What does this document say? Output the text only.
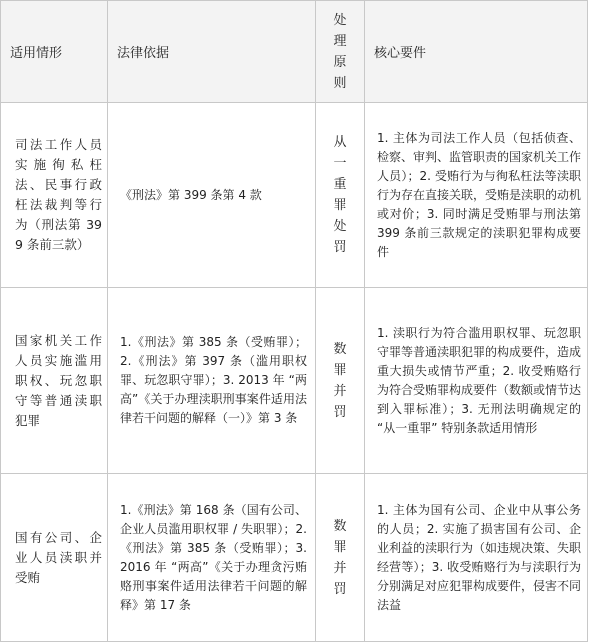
适用情形	法律依据	处理原则	核心要件
司法工作人员实施徇私枉法、民事行政枉法裁判等行为（刑法第 399 条前三款）	《刑法》第 399 条第 4 款	从一重罪处罚	1. 主体为司法工作人员（包括侦查、检察、审判、监管职责的国家机关工作人员）；2. 受贿行为与徇私枉法等渎职行为存在直接关联，受贿是渎职的动机或对价；3. 同时满足受贿罪与刑法第 399 条前三款规定的渎职犯罪构成要件
国家机关工作人员实施滥用职权、玩忽职守等普通渎职犯罪	1.《刑法》第 385 条（受贿罪）；2.《刑法》第 397 条（滥用职权罪、玩忽职守罪）；3. 2013 年 “两高”《关于办理渎职刑事案件适用法律若干问题的解释（一）》第 3 条	数罪并罚	1. 渎职行为符合滥用职权罪、玩忽职守罪等普通渎职犯罪的构成要件，造成重大损失或情节严重；2. 收受贿赂行为符合受贿罪构成要件（数额或情节达到入罪标准）；3. 无刑法明确规定的 “从一重罪” 特别条款适用情形
国有公司、企业人员渎职并受贿	1.《刑法》第 168 条（国有公司、企业人员滥用职权罪 / 失职罪）；2.《刑法》第 385 条（受贿罪）；3. 2016 年 “两高”《关于办理贪污贿赂刑事案件适用法律若干问题的解释》第 17 条	数罪并罚	1. 主体为国有公司、企业中从事公务的人员；2. 实施了损害国有公司、企业利益的渎职行为（如违规决策、失职经营等）；3. 收受贿赂行为与渎职行为分别满足对应犯罪构成要件，侵害不同法益
